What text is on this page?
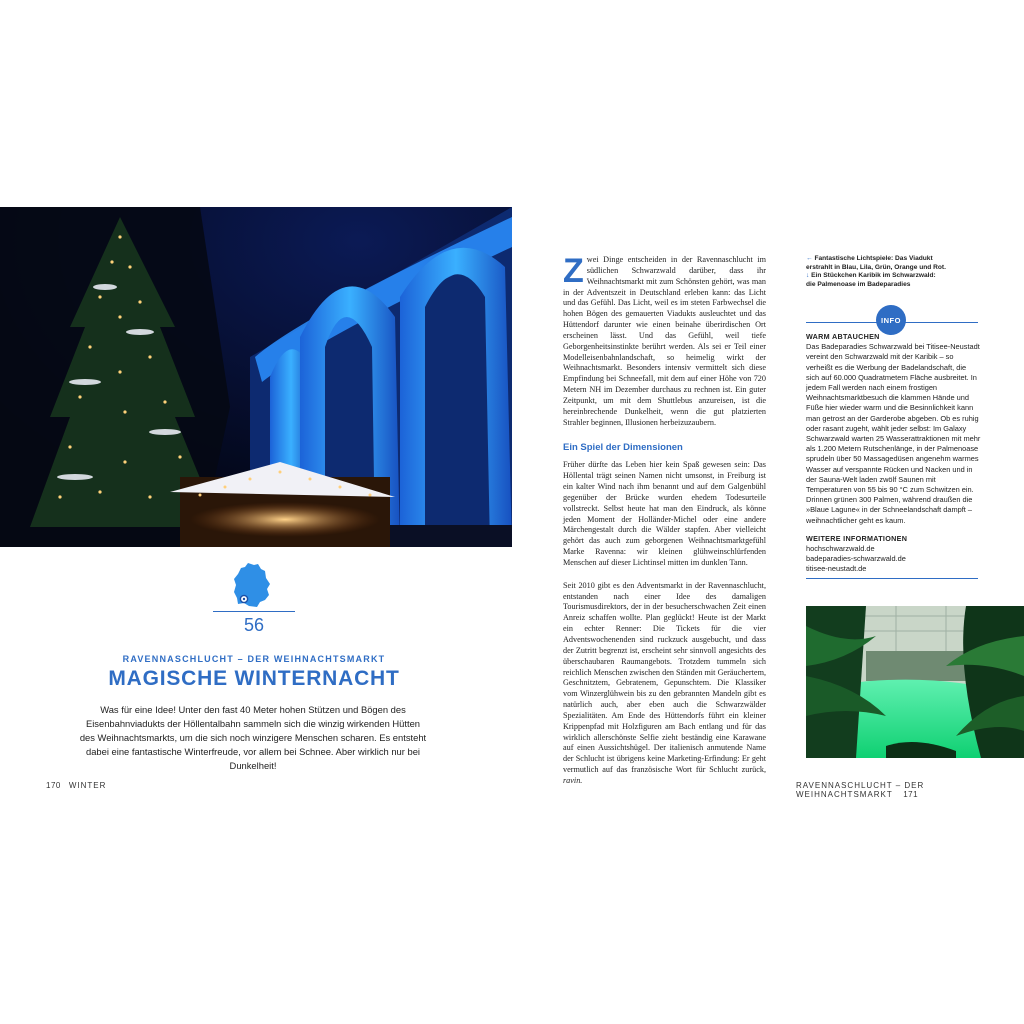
56
RAVENNASCHLUCHT – DER WEIHNACHTSMARKT
MAGISCHE WINTERNACHT
Was für eine Idee! Unter den fast 40 Meter hohen Stützen und Bögen des Eisenbahnviadukts der Höllentalbahn sammeln sich die winzig wirkenden Hütten des Weihnachtsmarkts, um die sich noch winzigere Menschen scharen. Es entsteht dabei eine fantastische Winterfreude, vor allem bei Schnee. Aber wirklich nur bei Dunkelheit!
170 WINTER
Z wei Dinge entscheiden in der Ravennaschlucht im südlichen Schwarzwald darüber, dass ihr Weihnachtsmarkt mit zum Schönsten gehört, was man in der Adventszeit in Deutschland erleben kann: das Licht und das Gefühl. Das Licht, weil es im steten Farbwechsel die hohen Bögen des gemauerten Viadukts ausleuchtet und das Hüttendorf darunter wie einen beinahe überirdischen Ort erscheinen lässt. Und das Gefühl, weil tiefe Geborgenheitsinstinkte berührt werden. Als sei er Teil einer Modelleisenbahnlandschaft, so heimelig wirkt der Weihnachtsmarkt. Besonders intensiv vermittelt sich diese Empfindung bei Schneefall, mit dem auf einer Höhe von 720 Metern NH im Dezember durchaus zu rechnen ist. Ein guter Zeitpunkt, um mit dem Shuttlebus anzureisen, ist die hereinbrechende Dunkelheit, wenn die gut platzierten Strahler beginnen, Illusionen herbeizuzaubern.

Ein Spiel der Dimensionen

Früher dürfte das Leben hier kein Spaß gewesen sein: Das Höllental trägt seinen Namen nicht umsonst, in Freiburg ist ein kalter Wind nach ihm benannt und auf dem Galgenbühl gegenüber der Brücke wurden ehedem Todesurteile vollstreckt. Selbst heute hat man den Eindruck, als könne jeden Moment der Holländer-Michel oder eine andere Märchengestalt durch die Wälder stapfen. Aber vielleicht gehört das auch zum geborgenen Weihnachtsmarktgefühl Marke Ravenna: wir kleinen glühweinschlürfenden Menschen auf dieser Lichtinsel mitten im dunklen Tann.

Seit 2010 gibt es den Adventsmarkt in der Ravennaschlucht, entstanden nach einer Idee des damaligen Tourismusdirektors, der in der besucherschwachen Zeit einen Anreiz schaffen wollte. Plan geglückt! Heute ist der Markt ein echter Renner: Die Tickets für die vier Adventswochenenden sind ruckzuck ausgebucht, und dass der Zutritt begrenzt ist, erscheint sehr sinnvoll angesichts des überschaubaren Raumangebots. Trotzdem tummeln sich reichlich Menschen zwischen den Ständen mit Geräuchertem, Geschnitztem, Gebratenem, Gepunschtem. Die Klassiker vom Winzerglühwein bis zu den gebrannten Mandeln gibt es natürlich auch, aber eben auch die Schwarzwälder Spezialitäten. Am Ende des Hüttendorfs führt ein kleiner Krippenpfad mit Holzfiguren am Bach entlang und für das wirklich allerschönste Selfie zieht beständig eine Karawane auf einen Aussichtshügel. Der italienisch anmutende Name der Schlucht ist übrigens keine Marketing-Erfindung: Er geht vermutlich auf das französische Wort für Schlucht zurück, ravin.

← Fantastische Lichtspiele: Das Viadukt
erstrahlt in Blau, Lila, Grün, Orange und Rot.
↓ Ein Stückchen Karibik im Schwarzwald:
die Palmenoase im Badeparadies
INFO
WARM ABTAUCHEN

Das Badeparadies Schwarzwald bei Titisee-Neustadt vereint den Schwarzwald mit der Karibik – so verheißt es die Werbung der Badelandschaft, die sich auf 60.000 Quadratmetern Fläche ausbreitet. In jedem Fall werden nach einem frostigen Weihnachtsmarktbesuch die klammen Hände und Füße hier wieder warm und die Besinnlichkeit kann man getrost an der Garderobe abgeben. Ob es ruhig oder rasant zugeht, wählt jeder selbst: Im Galaxy Schwarzwald warten 25 Wasserattraktionen mit mehr als 1.200 Metern Rutschenlänge, in der Palmenoase sprudeln über 50 Massagedüsen angenehm warmes Wasser auf verspannte Rücken und Nacken und in der Sauna-Welt laden zwölf Saunen mit Temperaturen von 55 bis 90 °C zum Schwitzen ein. Drinnen grünen 300 Palmen, während draußen die »Blaue Lagune« in der Schneelandschaft dampft – weihnachtlicher geht es kaum.

WEITERE INFORMATIONEN
hochschwarzwald.de
badeparadies-schwarzwald.de
titisee-neustadt.de
RAVENNASCHLUCHT – DER WEIHNACHTSMARKT 171
